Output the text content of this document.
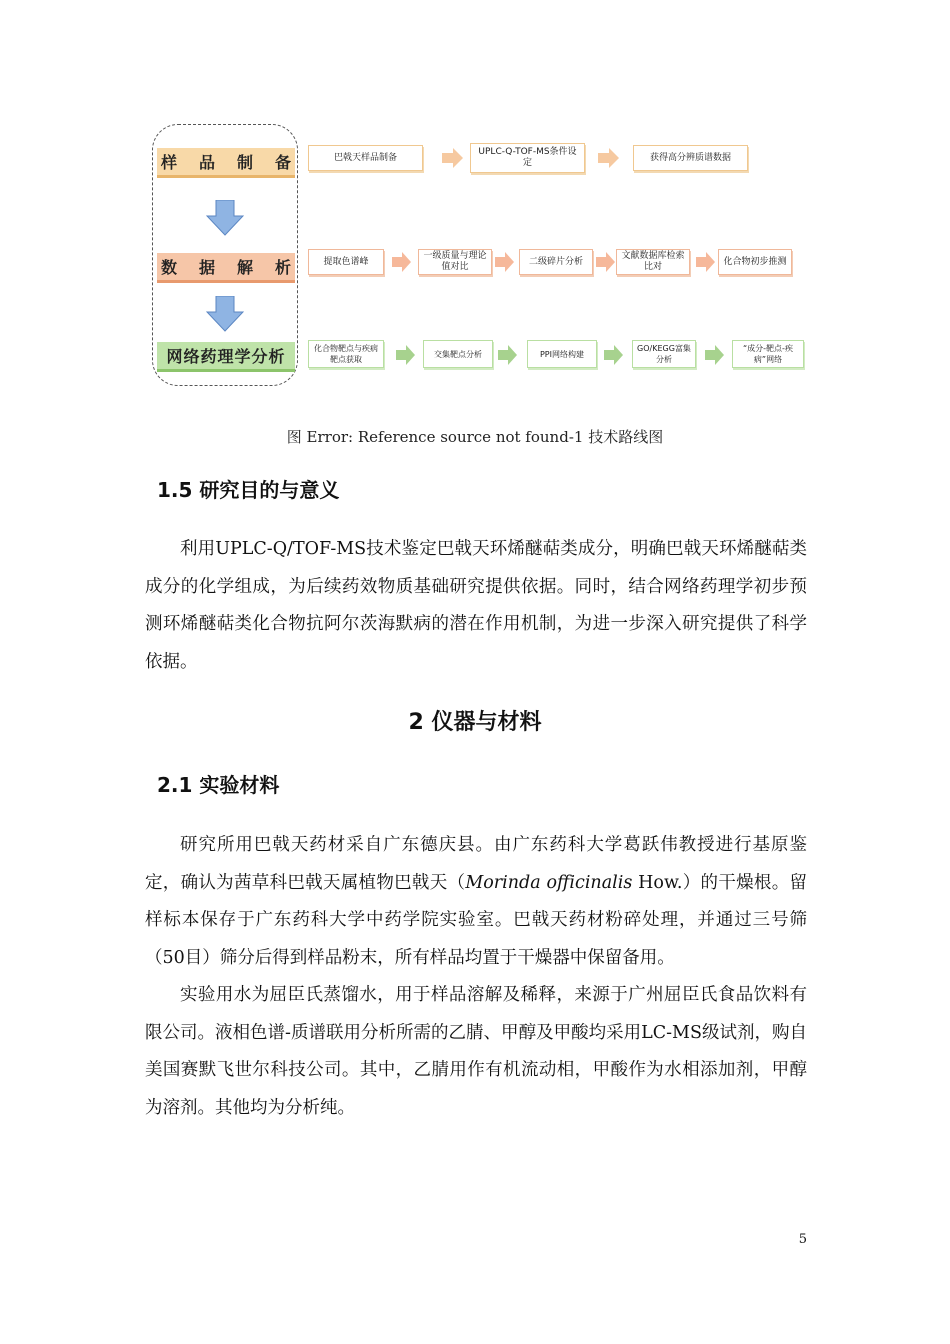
样 品 制 备
数 据 解 析
网络药理学分析
巴戟天样品制备
UPLC-Q-TOF-MS条件设定
获得高分辨质谱数据
提取色谱峰
一级质量与理论值对比
二级碎片分析
文献数据库检索比对
化合物初步推测
化合物靶点与疾病靶点获取
交集靶点分析	PPI网络构建
GO/KEGG富集分析
“成分-靶点-疾病”网络
图 Error: Reference source not found-1 技术路线图
1.5 研究目的与意义

利用UPLC-Q/TOF-MS技术鉴定巴戟天环烯醚萜类成分，明确巴戟天环烯醚萜类成分的化学组成，为后续药效物质基础研究提供依据。同时，结合网络药理学初步预测环烯醚萜类化合物抗阿尔茨海默病的潜在作用机制，为进一步深入研究提供了科学依据。

2 仪器与材料
2.1 实验材料

研究所用巴戟天药材采自广东德庆县。由广东药科大学葛跃伟教授进行基原鉴定，确认为茜草科巴戟天属植物巴戟天（Morinda officinalis How.）的干燥根。留样标本保存于广东药科大学中药学院实验室。巴戟天药材粉碎处理，并通过三号筛（50目）筛分后得到样品粉末，所有样品均置于干燥器中保留备用。

实验用水为屈臣氏蒸馏水，用于样品溶解及稀释，来源于广州屈臣氏食品饮料有限公司。液相色谱-质谱联用分析所需的乙腈、甲醇及甲酸均采用LC-MS级试剂，购自美国赛默飞世尔科技公司。其中，乙腈用作有机流动相，甲酸作为水相添加剂，甲醇为溶剂。其他均为分析纯。

5
